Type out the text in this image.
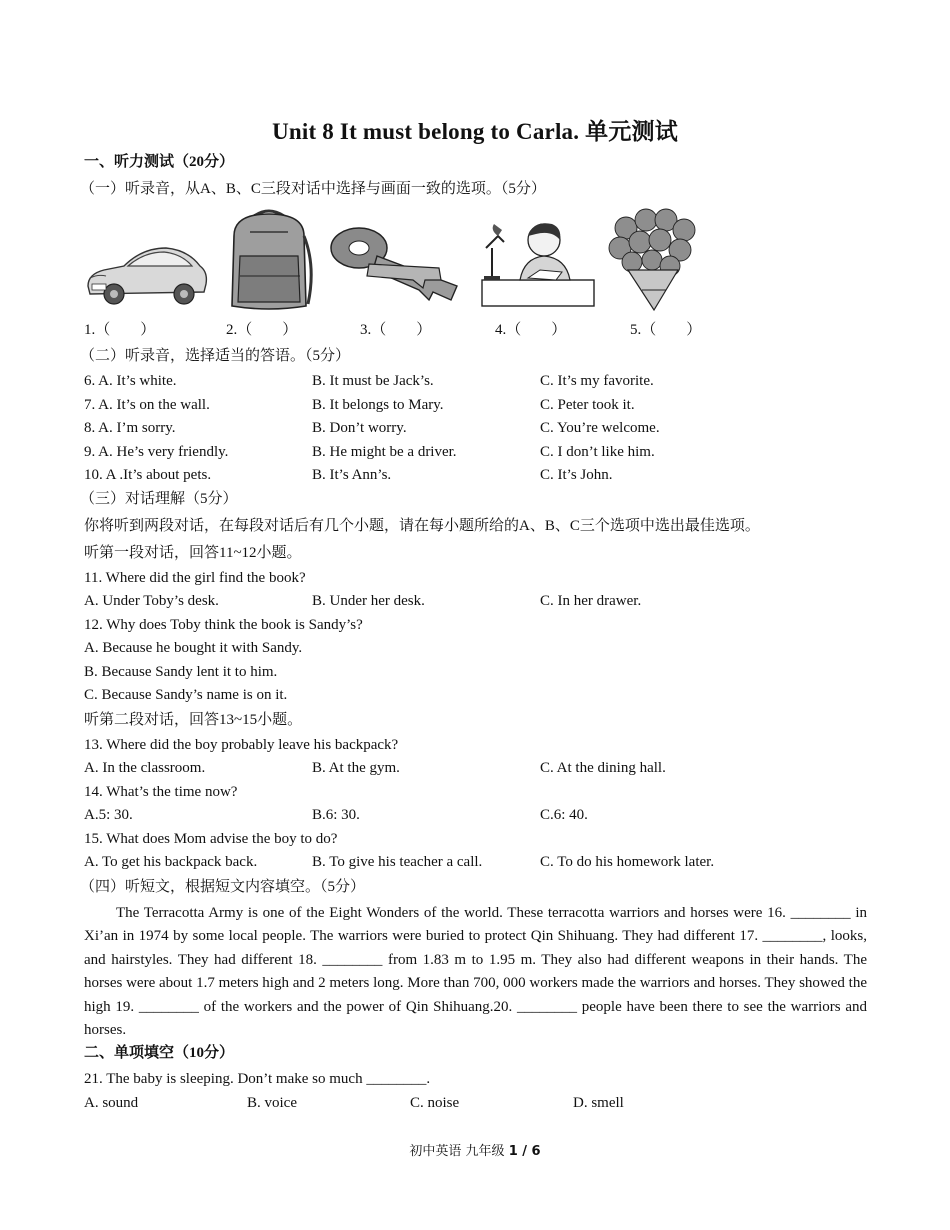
Unit 8 It must belong to Carla. 单元测试
一、听力测试（20分）
（一）听录音，从A、B、C三段对话中选择与画面一致的选项。（5分）
1.（　　）	2.（　　）	3.（　　）	4.（　　）	5.（　　）
（二）听录音，选择适当的答语。（5分）
6. A. It’s white.	B. It must be Jack’s.	C. It’s my favorite.
7. A. It’s on the wall.	B. It belongs to Mary.	C. Peter took it.
8. A. I’m sorry.	B. Don’t worry.	C. You’re welcome.
9. A. He’s very friendly.	B. He might be a driver.	C. I don’t like him.
10. A .It’s about pets.	B. It’s Ann’s.	C. It’s John.
（三）对话理解（5分）
你将听到两段对话，在每段对话后有几个小题，请在每小题所给的A、B、C三个选项中选出最佳选项。
听第一段对话，回答11~12小题。
11. Where did the girl find the book?
A. Under Toby’s desk.	B. Under her desk.	C. In her drawer.
12. Why does Toby think the book is Sandy’s?
A. Because he bought it with Sandy.
B. Because Sandy lent it to him.
C. Because Sandy’s name is on it.
听第二段对话，回答13~15小题。
13. Where did the boy probably leave his backpack?
A. In the classroom.	B. At the gym.	C. At the dining hall.
14. What’s the time now?
A.5: 30.	B.6: 30.	C.6: 40.
15. What does Mom advise the boy to do?
A. To get his backpack back.	B. To give his teacher a call.	C. To do his homework later.
（四）听短文，根据短文内容填空。（5分）
The Terracotta Army is one of the Eight Wonders of the world. These terracotta warriors and horses were 16. ________ in Xi’an in 1974 by some local people. The warriors were buried to protect Qin Shihuang. They had different 17. ________, looks, and hairstyles. They had different 18. ________ from 1.83 m to 1.95 m. They also had different weapons in their hands. The horses were about 1.7 meters high and 2 meters long. More than 700, 000 workers made the warriors and horses. They showed the high 19. ________ of the workers and the power of Qin Shihuang.20. ________ people have been there to see the warriors and horses.
二、单项填空（10分）
21. The baby is sleeping. Don’t make so much ________.
A. sound	B. voice	C. noise	D. smell
初中英语 九年级 1 / 6
